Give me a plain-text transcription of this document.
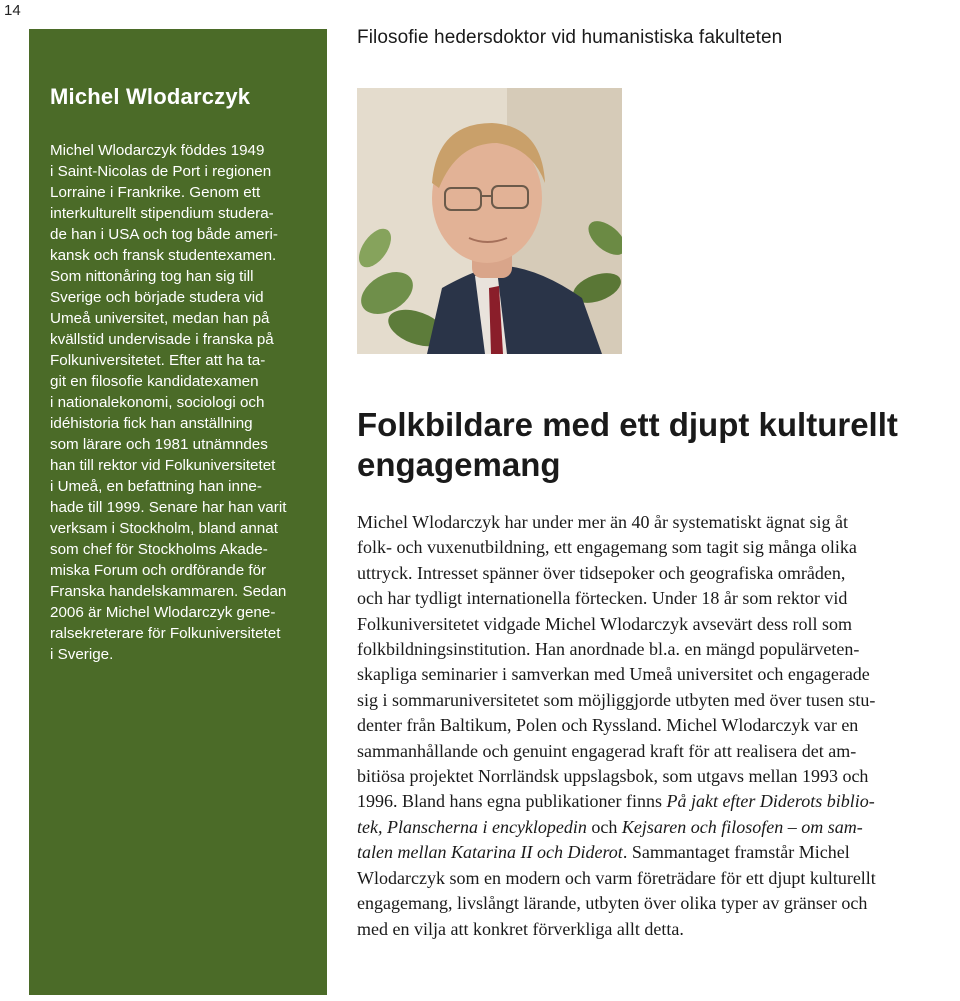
14
Filosofie hedersdoktor vid humanistiska fakulteten
Michel Wlodarczyk

Michel Wlodarczyk föddes 1949
i Saint-Nicolas de Port i regionen
Lorraine i Frankrike. Genom ett
interkulturellt stipendium studera-
de han i USA och tog både ameri-
kansk och fransk studentexamen.
Som nittonåring tog han sig till
Sverige och började studera vid
Umeå universitet, medan han på
kvällstid undervisade i franska på
Folkuniversitetet. Efter att ha ta-
git en filosofie kandidatexamen
i nationalekonomi, sociologi och
idéhistoria fick han anställning
som lärare och 1981 utnämndes
han till rektor vid Folkuniversitetet
i Umeå, en befattning han inne-
hade till 1999. Senare har han varit
verksam i Stockholm, bland annat
som chef för Stockholms Akade-
miska Forum och ordförande för
Franska handelskammaren. Sedan
2006 är Michel Wlodarczyk gene-
ralsekreterare för Folkuniversitetet
i Sverige.

Folkbildare med ett djupt kulturellt engagemang

Michel Wlodarczyk har under mer än 40 år systematiskt ägnat sig åt
folk- och vuxenutbildning, ett engagemang som tagit sig många olika
uttryck. Intresset spänner över tidsepoker och geografiska områden,
och har tydligt internationella förtecken. Under 18 år som rektor vid
Folkuniversitetet vidgade Michel Wlodarczyk avsevärt dess roll som
folkbildningsinstitution. Han anordnade bl.a. en mängd populärveten-
skapliga seminarier i samverkan med Umeå universitet och engagerade
sig i sommaruniversitetet som möjliggjorde utbyten med över tusen stu-
denter från Baltikum, Polen och Ryssland. Michel Wlodarczyk var en
sammanhållande och genuint engagerad kraft för att realisera det am-
bitiösa projektet Norrländsk uppslagsbok, som utgavs mellan 1993 och
1996. Bland hans egna publikationer finns På jakt efter Diderots biblio-
tek, Planscherna i encyklopedin och Kejsaren och filosofen – om sam-
talen mellan Katarina II och Diderot. Sammantaget framstår Michel
Wlodarczyk som en modern och varm företrädare för ett djupt kulturellt
engagemang, livslångt lärande, utbyten över olika typer av gränser och
med en vilja att konkret förverkliga allt detta.
